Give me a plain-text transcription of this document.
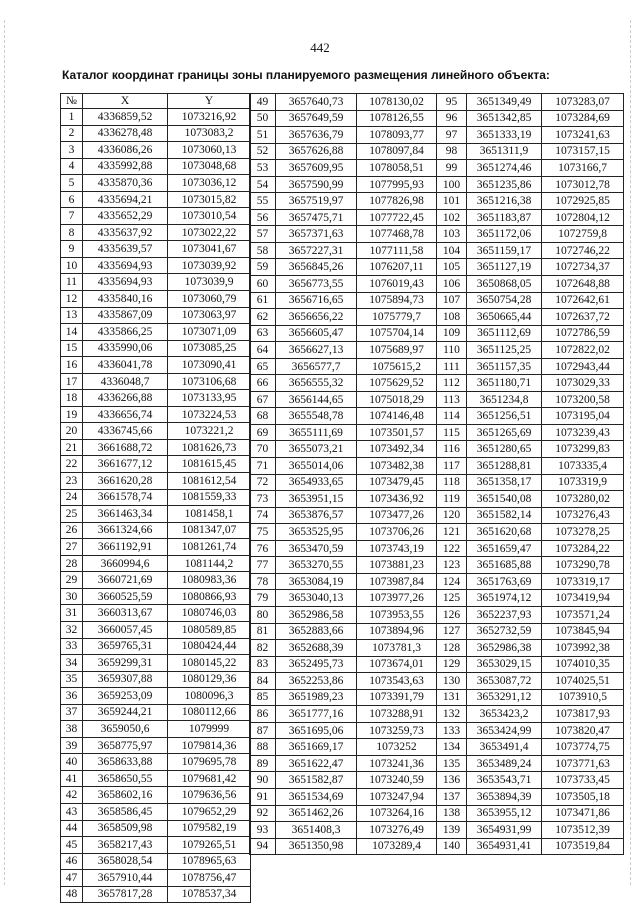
442
Каталог координат границы зоны планируемого размещения линейного объекта:
№	X	Y
1	4336859,52	1073216,92
2	4336278,48	1073083,2
3	4336086,26	1073060,13
4	4335992,88	1073048,68
5	4335870,36	1073036,12
6	4335694,21	1073015,82
7	4335652,29	1073010,54
8	4335637,92	1073022,22
9	4335639,57	1073041,67
10	4335694,93	1073039,92
11	4335694,93	1073039,9
12	4335840,16	1073060,79
13	4335867,09	1073063,97
14	4335866,25	1073071,09
15	4335990,06	1073085,25
16	4336041,78	1073090,41
17	4336048,7	1073106,68
18	4336266,88	1073133,95
19	4336656,74	1073224,53
20	4336745,66	1073221,2
21	3661688,72	1081626,73
22	3661677,12	1081615,45
23	3661620,28	1081612,54
24	3661578,74	1081559,33
25	3661463,34	1081458,1
26	3661324,66	1081347,07
27	3661192,91	1081261,74
28	3660994,6	1081144,2
29	3660721,69	1080983,36
30	3660525,59	1080866,93
31	3660313,67	1080746,03
32	3660057,45	1080589,85
33	3659765,31	1080424,44
34	3659299,31	1080145,22
35	3659307,88	1080129,36
36	3659253,09	1080096,3
37	3659244,21	1080112,66
38	3659050,6	1079999
39	3658775,97	1079814,36
40	3658633,88	1079695,78
41	3658650,55	1079681,42
42	3658602,16	1079636,56
43	3658586,45	1079652,29
44	3658509,98	1079582,19
45	3658217,43	1079265,51
46	3658028,54	1078965,63
47	3657910,44	1078756,47
48	3657817,28	1078537,34
49	3657640,73	1078130,02
50	3657649,59	1078126,55
51	3657636,79	1078093,77
52	3657626,88	1078097,84
53	3657609,95	1078058,51
54	3657590,99	1077995,93
55	3657519,97	1077826,98
56	3657475,71	1077722,45
57	3657371,63	1077468,78
58	3657227,31	1077111,58
59	3656845,26	1076207,11
60	3656773,55	1076019,43
61	3656716,65	1075894,73
62	3656656,22	1075779,7
63	3656605,47	1075704,14
64	3656627,13	1075689,97
65	3656577,7	1075615,2
66	3656555,32	1075629,52
67	3656144,65	1075018,29
68	3655548,78	1074146,48
69	3655111,69	1073501,57
70	3655073,21	1073492,34
71	3655014,06	1073482,38
72	3654933,65	1073479,45
73	3653951,15	1073436,92
74	3653876,57	1073477,26
75	3653525,95	1073706,26
76	3653470,59	1073743,19
77	3653270,55	1073881,23
78	3653084,19	1073987,84
79	3653040,13	1073977,26
80	3652986,58	1073953,55
81	3652883,66	1073894,96
82	3652688,39	1073781,3
83	3652495,73	1073674,01
84	3652253,86	1073543,63
85	3651989,23	1073391,79
86	3651777,16	1073288,91
87	3651695,06	1073259,73
88	3651669,17	1073252
89	3651622,47	1073241,36
90	3651582,87	1073240,59
91	3651534,69	1073247,94
92	3651462,26	1073264,16
93	3651408,3	1073276,49
94	3651350,98	1073289,4
95	3651349,49	1073283,07
96	3651342,85	1073284,69
97	3651333,19	1073241,63
98	3651311,9	1073157,15
99	3651274,46	1073166,7
100	3651235,86	1073012,78
101	3651216,38	1072925,85
102	3651183,87	1072804,12
103	3651172,06	1072759,8
104	3651159,17	1072746,22
105	3651127,19	1072734,37
106	3650868,05	1072648,88
107	3650754,28	1072642,61
108	3650665,44	1072637,72
109	3651112,69	1072786,59
110	3651125,25	1072822,02
111	3651157,35	1072943,44
112	3651180,71	1073029,33
113	3651234,8	1073200,58
114	3651256,51	1073195,04
115	3651265,69	1073239,43
116	3651280,65	1073299,83
117	3651288,81	1073335,4
118	3651358,17	1073319,9
119	3651540,08	1073280,02
120	3651582,14	1073276,43
121	3651620,68	1073278,25
122	3651659,47	1073284,22
123	3651685,88	1073290,78
124	3651763,69	1073319,17
125	3651974,12	1073419,94
126	3652237,93	1073571,24
127	3652732,59	1073845,94
128	3652986,38	1073992,38
129	3653029,15	1074010,35
130	3653087,72	1074025,51
131	3653291,12	1073910,5
132	3653423,2	1073817,93
133	3653424,99	1073820,47
134	3653491,4	1073774,75
135	3653489,24	1073771,63
136	3653543,71	1073733,45
137	3653894,39	1073505,18
138	3653955,12	1073471,86
139	3654931,99	1073512,39
140	3654931,41	1073519,84
